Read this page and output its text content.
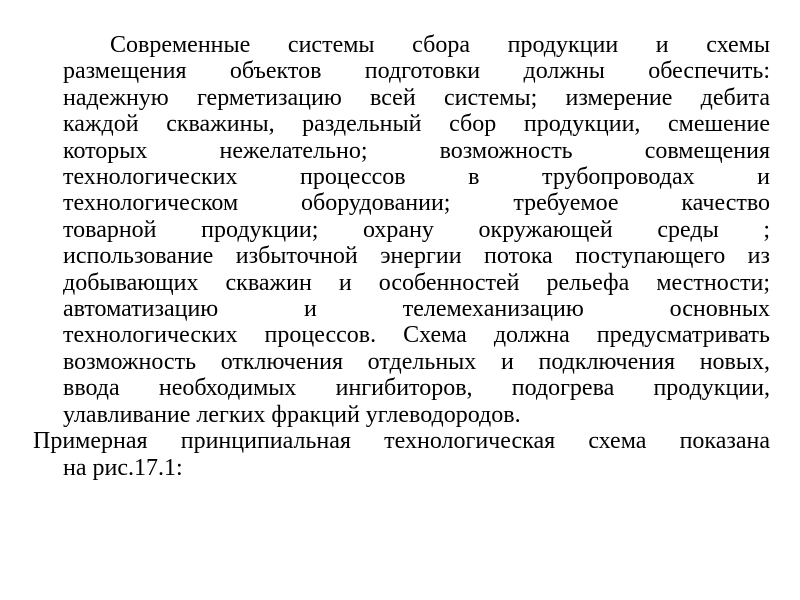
Современные системы сбора продукции и схемы
размещения объектов подготовки должны обеспечить:
надежную герметизацию всей системы; измерение дебита
каждой скважины, раздельный сбор продукции, смешение
которых нежелательно; возможность совмещения
технологических процессов в трубопроводах и
технологическом оборудовании; требуемое качество
товарной продукции; охрану окружающей среды ;
использование избыточной энергии потока поступающего из
добывающих скважин и особенностей рельефа местности;
автоматизацию и телемеханизацию основных
технологических процессов. Схема должна предусматривать
возможность отключения отдельных и подключения новых,
ввода необходимых ингибиторов, подогрева продукции,
улавливание легких фракций углеводородов.
Примерная принципиальная технологическая схема показана
на рис.17.1:
